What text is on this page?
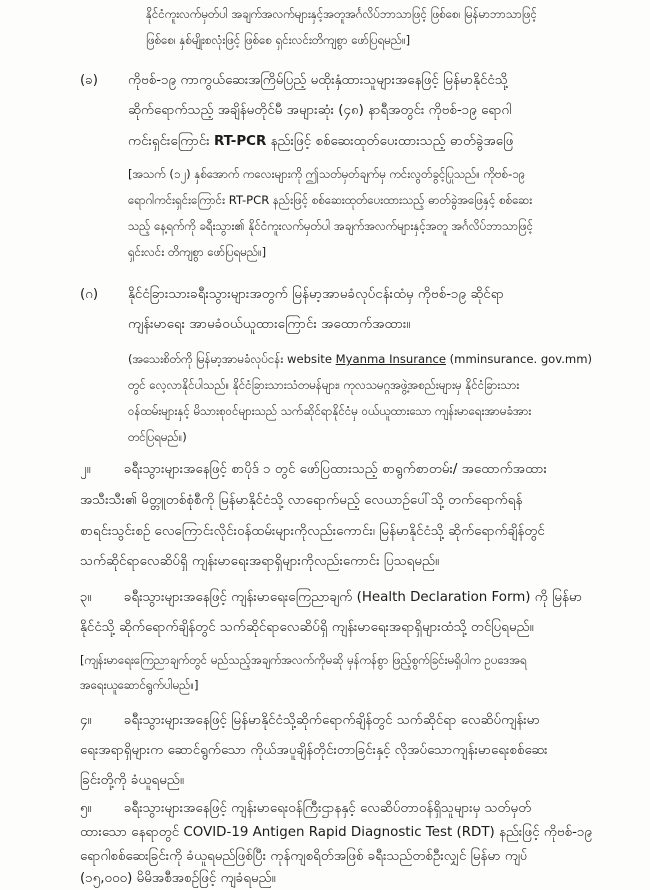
နိုင်ငံကူးလက်မှတ်ပါ အချက်အလက်များနှင့်အတူအင်္ဂလိပ်ဘာသာဖြင့် ဖြစ်စေ၊ မြန်မာဘာသာဖြင့်
ဖြစ်စေ၊ နှစ်မျိုးစလုံးဖြင့် ဖြစ်စေ ရှင်းလင်းတိကျစွာ ဖော်ပြရမည်။]
(ခ) ကိုဗစ်-၁၉ ကာကွယ်ဆေးအကြိမ်ပြည့် မထိုးနှံထားသူများအနေဖြင့် မြန်မာနိုင်ငံသို့
ဆိုက်ရောက်သည့် အချိန်မတိုင်မီ အများဆုံး (၄၈) နာရီအတွင်း ကိုဗစ်-၁၉ ရောဂါ
ကင်းရှင်းကြောင်း RT-PCR နည်းဖြင့် စစ်ဆေးထုတ်ပေးထားသည့် ဓာတ်ခွဲအဖြေ
[အသက် (၁၂) နှစ်အောက် ကလေးများကို ဤသတ်မှတ်ချက်မှ ကင်းလွတ်ခွင့်ပြုသည်။ ကိုဗစ်-၁၉
ရောဂါကင်းရှင်းကြောင်း RT-PCR နည်းဖြင့် စစ်ဆေးထုတ်ပေးထားသည့် ဓာတ်ခွဲအဖြေနှင့် စစ်ဆေး
သည့် နေ့ရက်ကို ခရီးသွား၏ နိုင်ငံကူးလက်မှတ်ပါ အချက်အလက်များနှင့်အတူ အင်္ဂလိပ်ဘာသာဖြင့်
ရှင်းလင်း တိကျစွာ ဖော်ပြရမည်။]
(ဂ) နိုင်ငံခြားသားခရီးသွားများအတွက် မြန်မာ့အာမခံလုပ်ငန်းထံမှ ကိုဗစ်-၁၉ ဆိုင်ရာ
ကျန်းမာရေး အာမခံဝယ်ယူထားကြောင်း အထောက်အထား။
(အသေးစိတ်ကို မြန်မာ့အာမခံလုပ်ငန်း website Myanma Insurance (mminsurance. gov.mm)
တွင် လေ့လာနိုင်ပါသည်။ နိုင်ငံခြားသားသံတမန်များ၊ ကုလသမဂ္ဂအဖွဲ့အစည်းများမှ နိုင်ငံခြားသား
ဝန်ထမ်းများနှင့် မိသားစုဝင်များသည် သက်ဆိုင်ရာနိုင်ငံမှ ဝယ်ယူထားသော ကျန်းမာရေးအာမခံအား
တင်ပြရမည်။)
၂။ ခရီးသွားများအနေဖြင့် စာပိုဒ် ၁ တွင် ဖော်ပြထားသည့် စာရွက်စာတမ်း/ အထောက်အထား
အသီးသီး၏ မိတ္တူတစ်စုံစီကို မြန်မာနိုင်ငံသို့ လာရောက်မည့် လေယာဉ်ပေါ်သို့ တက်ရောက်ရန်
စာရင်းသွင်းစဉ် လေကြောင်းလိုင်းဝန်ထမ်းများကိုလည်းကောင်း၊ မြန်မာနိုင်ငံသို့ ဆိုက်ရောက်ချိန်တွင်
သက်ဆိုင်ရာလေဆိပ်ရှိ ကျန်းမာရေးအရာရှိများကိုလည်းကောင်း ပြသရမည်။
၃။ ခရီးသွားများအနေဖြင့် ကျန်းမာရေးကြေညာချက် (Health Declaration Form) ကို မြန်မာ
နိုင်ငံသို့ ဆိုက်ရောက်ချိန်တွင် သက်ဆိုင်ရာလေဆိပ်ရှိ ကျန်းမာရေးအရာရှိများထံသို့ တင်ပြရမည်။
[ကျန်းမာရေးကြေညာချက်တွင် မည်သည့်အချက်အလက်ကိုမဆို မှန်ကန်စွာ ဖြည့်စွက်ခြင်းမရှိပါက ဥပဒေအရ
အရေးယူဆောင်ရွက်ပါမည်။]
၄။ ခရီးသွားများအနေဖြင့် မြန်မာနိုင်ငံသို့ဆိုက်ရောက်ချိန်တွင် သက်ဆိုင်ရာ လေဆိပ်ကျန်းမာ
ရေးအရာရှိများက ဆောင်ရွက်သော ကိုယ်အပူချိန်တိုင်းတာခြင်းနှင့် လိုအပ်သောကျန်းမာရေးစစ်ဆေး
ခြင်းတို့ကို ခံယူရမည်။
၅။ ခရီးသွားများအနေဖြင့် ကျန်းမာရေးဝန်ကြီးဌာနနှင့် လေဆိပ်တာဝန်ရှိသူများမှ သတ်မှတ်
ထားသော နေရာတွင် COVID-19 Antigen Rapid Diagnostic Test (RDT) နည်းဖြင့် ကိုဗစ်-၁၉
ရောဂါစစ်ဆေးခြင်းကို ခံယူရမည်ဖြစ်ပြီး ကုန်ကျစရိတ်အဖြစ် ခရီးသည်တစ်ဦးလျှင် မြန်မာ ကျပ်
(၁၅,၀၀၀) မိမိအစီအစဉ်ဖြင့် ကျခံရမည်။
